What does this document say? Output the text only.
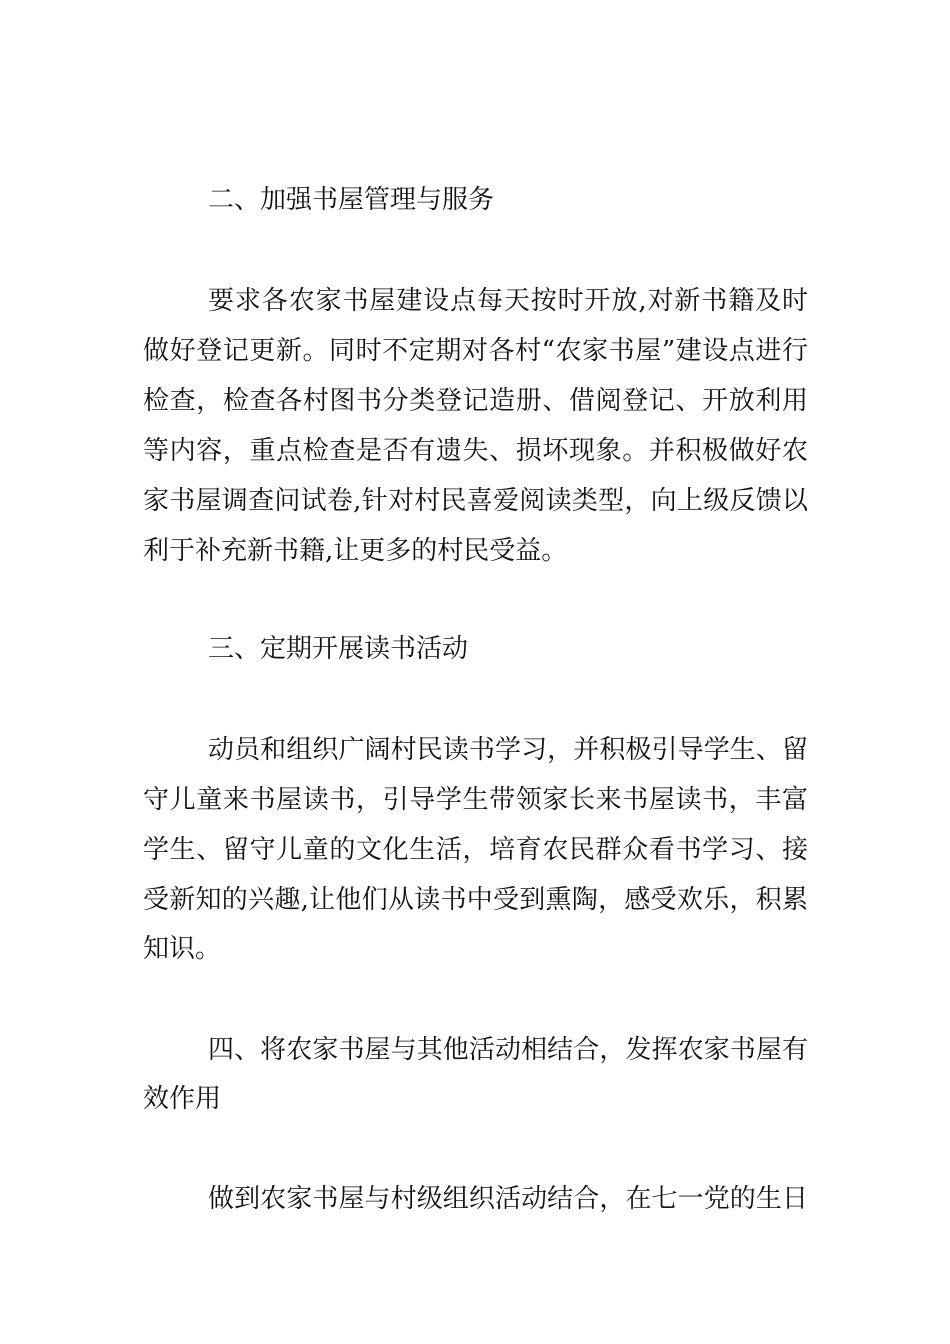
二、加强书屋管理与服务
要求各农家书屋建设点每天按时开放,对新书籍及时
做好登记更新。同时不定期对各村“农家书屋”建设点进行
检查，检查各村图书分类登记造册、借阅登记、开放利用
等内容，重点检查是否有遗失、损坏现象。并积极做好农
家书屋调查问试卷,针对村民喜爱阅读类型，向上级反馈以
利于补充新书籍,让更多的村民受益。
三、定期开展读书活动
动员和组织广阔村民读书学习，并积极引导学生、留
守儿童来书屋读书，引导学生带领家长来书屋读书，丰富
学生、留守儿童的文化生活，培育农民群众看书学习、接
受新知的兴趣,让他们从读书中受到熏陶，感受欢乐，积累
知识。
四、将农家书屋与其他活动相结合，发挥农家书屋有
效作用
做到农家书屋与村级组织活动结合，在七一党的生日
